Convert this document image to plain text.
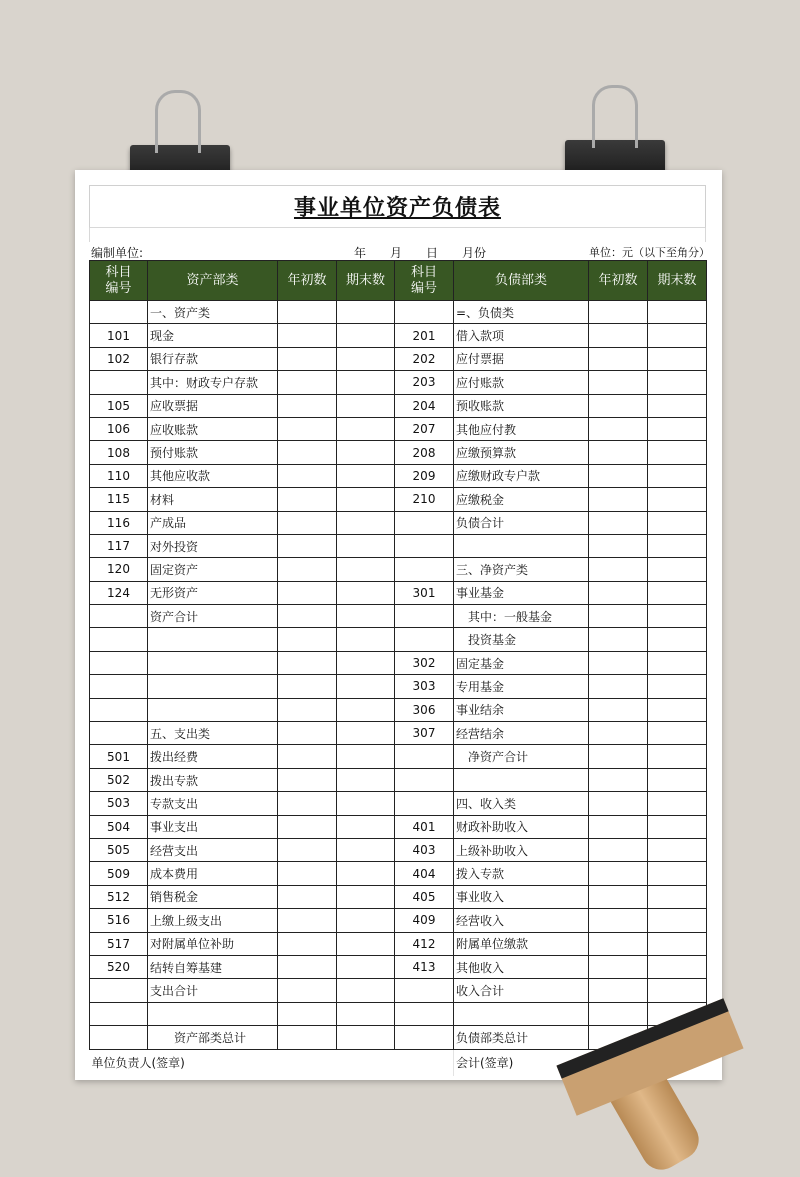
事业单位资产负债表
编制单位:	年　　月　　日　　月份	单位：元（以下至角分）
科目编号	资产部类	年初数	期末数	科目编号	负债部类	年初数	期末数
	一、资产类				=、负债类		
101	现金			201	借入款项		
102	银行存款			202	应付票据		
	其中：财政专户存款			203	应付账款		
105	应收票据			204	预收账款		
106	应收账款			207	其他应付教		
108	预付账款			208	应缴预算款		
110	其他应收款			209	应缴财政专户款		
115	材料			210	应缴税金		
116	产成品				负债合计		
117	对外投资						
120	固定资产				三、净资产类		
124	无形资产			301	事业基金		
	资产合计				　其中：一般基金		
					　投资基金		
				302	固定基金		
				303	专用基金		
				306	事业结余		
	五、支出类			307	经营结余		
501	拨出经费				　净资产合计		
502	拨出专款						
503	专款支出				四、收入类		
504	事业支出			401	财政补助收入		
505	经营支出			403	上级补助收入		
509	成本费用			404	拨入专款		
512	销售税金			405	事业收入		
516	上缴上级支出			409	经营收入		
517	对附属单位补助			412	附属单位缴款		
520	结转自筹基建			413	其他收入		
	支出合计				收入合计		

	　　资产部类总计				负债部类总计		
单位负责人(签章)					会计(签章)		
